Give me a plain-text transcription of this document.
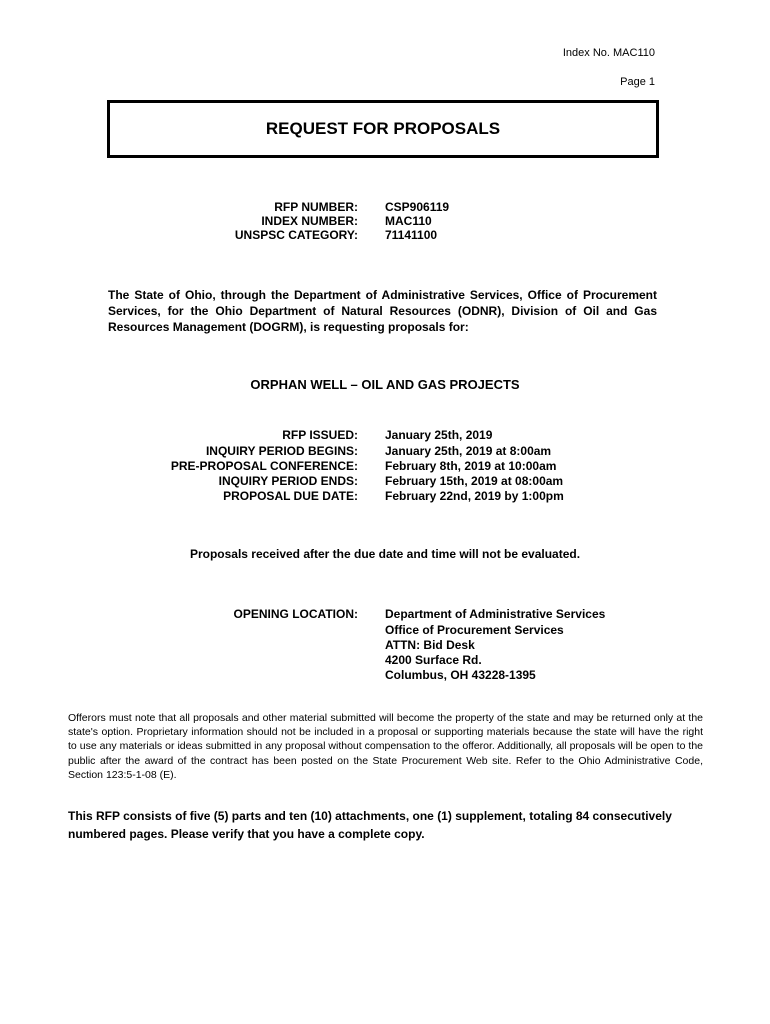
Index No. MAC110
Page 1
REQUEST FOR PROPOSALS
RFP NUMBER: CSP906119
INDEX NUMBER: MAC110
UNSPSC CATEGORY: 71141100
The State of Ohio, through the Department of Administrative Services, Office of Procurement Services, for the Ohio Department of Natural Resources (ODNR), Division of Oil and Gas Resources Management (DOGRM), is requesting proposals for:
ORPHAN WELL – OIL AND GAS PROJECTS
RFP ISSUED: January 25th, 2019
INQUIRY PERIOD BEGINS: January 25th, 2019 at 8:00am
PRE-PROPOSAL CONFERENCE: February 8th, 2019 at 10:00am
INQUIRY PERIOD ENDS: February 15th, 2019 at 08:00am
PROPOSAL DUE DATE: February 22nd, 2019 by 1:00pm
Proposals received after the due date and time will not be evaluated.
OPENING LOCATION: Department of Administrative Services
Office of Procurement Services
ATTN: Bid Desk
4200 Surface Rd.
Columbus, OH 43228-1395
Offerors must note that all proposals and other material submitted will become the property of the state and may be returned only at the state's option. Proprietary information should not be included in a proposal or supporting materials because the state will have the right to use any materials or ideas submitted in any proposal without compensation to the offeror. Additionally, all proposals will be open to the public after the award of the contract has been posted on the State Procurement Web site. Refer to the Ohio Administrative Code, Section 123:5-1-08 (E).
This RFP consists of five (5) parts and ten (10) attachments, one (1) supplement, totaling 84 consecutively numbered pages. Please verify that you have a complete copy.
